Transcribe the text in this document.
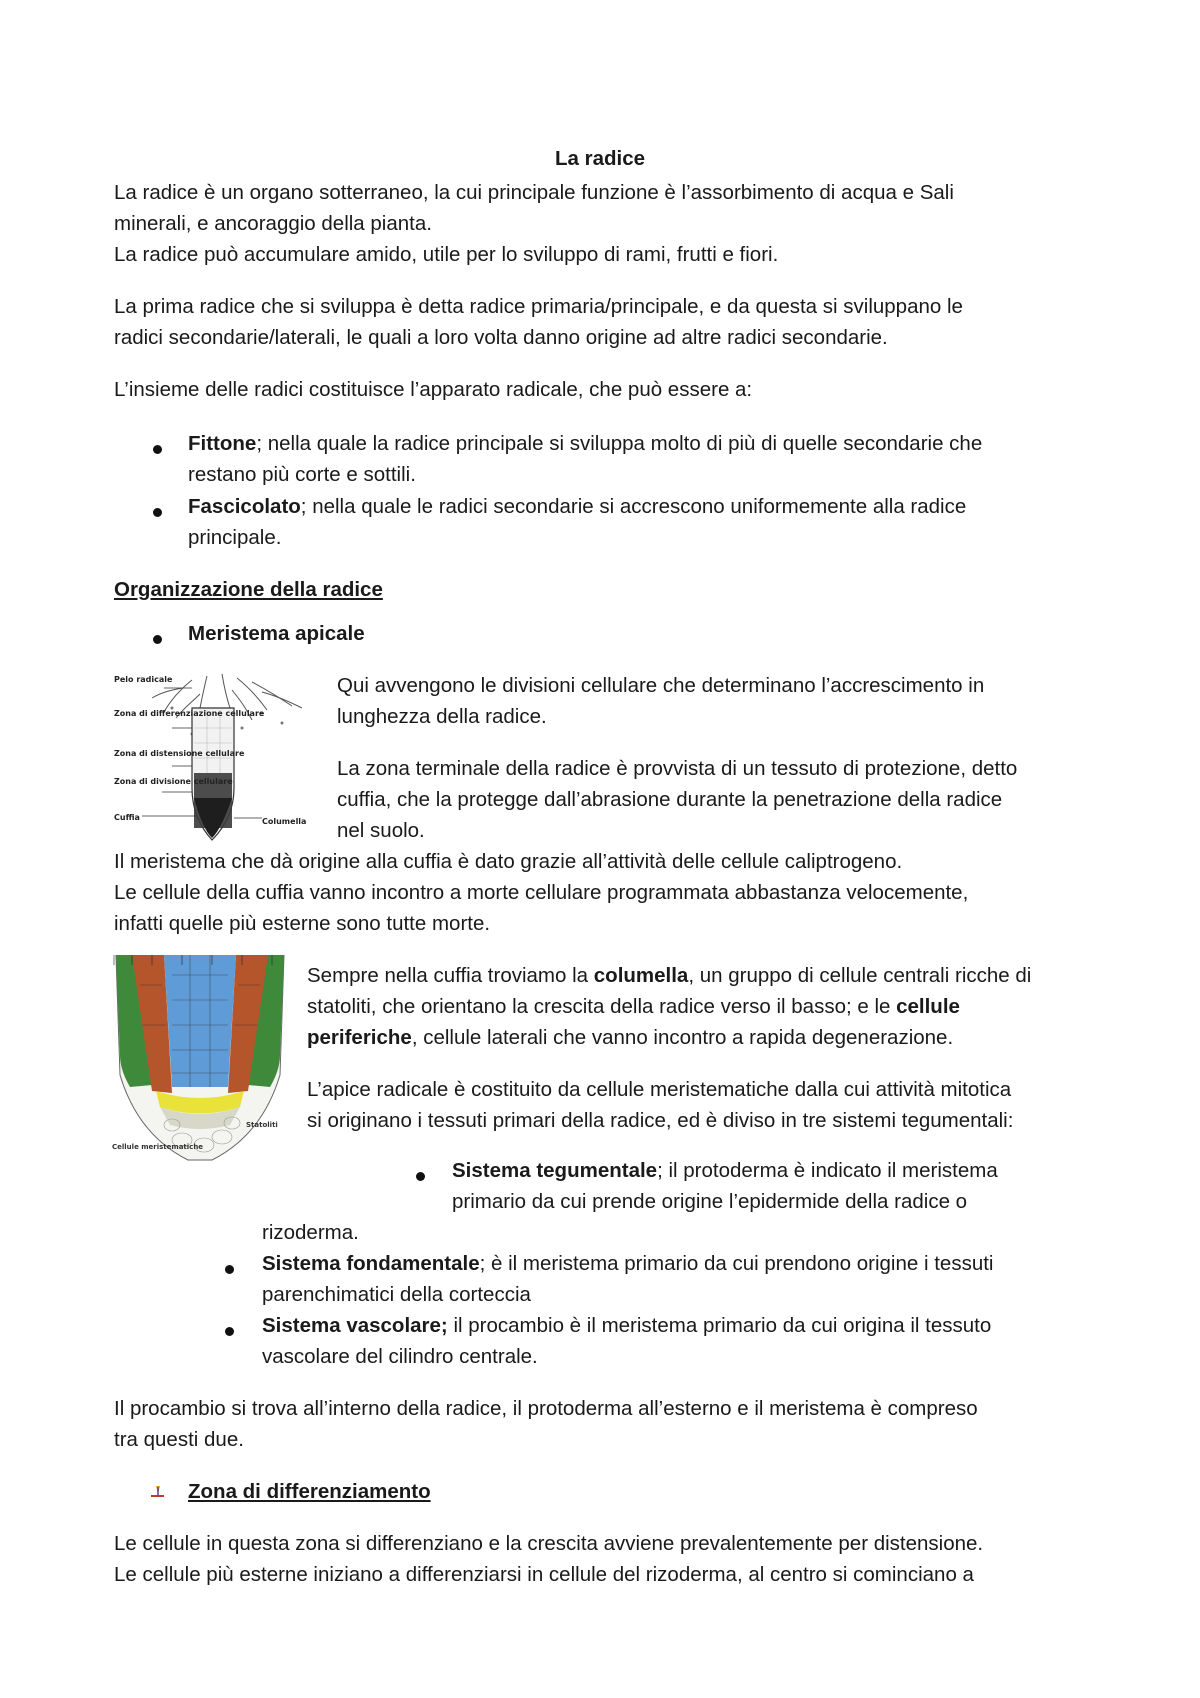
La radice

La radice è un organo sotterraneo, la cui principale funzione è l’assorbimento di acqua e Sali

minerali, e ancoraggio della pianta.

La radice può accumulare amido, utile per lo sviluppo di rami, frutti e fiori.

La prima radice che si sviluppa è detta radice primaria/principale, e da questa si sviluppano le

radici secondarie/laterali, le quali a loro volta danno origine ad altre radici secondarie.

L’insieme delle radici costituisce l’apparato radicale, che può essere a:

Fittone; nella quale la radice principale si sviluppa molto di più di quelle secondarie che

restano più corte e sottili.

Fascicolato; nella quale le radici secondarie si accrescono uniformemente alla radice

principale.

Organizzazione della radice

Meristema apicale

Pelo radicale
Zona di differenziazione cellulare
Zona di distensione cellulare
Zona di divisione cellulare
Cuffia	Columella

Qui avvengono le divisioni cellulare che determinano l’accrescimento in

lunghezza della radice.

La zona terminale della radice è provvista di un tessuto di protezione, detto

cuffia, che la protegge dall’abrasione durante la penetrazione della radice

nel suolo.

Il meristema che dà origine alla cuffia è dato grazie all’attività delle cellule caliptrogeno.

Le cellule della cuffia vanno incontro a morte cellulare programmata abbastanza velocemente,

infatti quelle più esterne sono tutte morte.

Statoliti
Cellule meristematiche

Sempre nella cuffia troviamo la columella, un gruppo di cellule centrali ricche di

statoliti, che orientano la crescita della radice verso il basso; e le cellule

periferiche, cellule laterali che vanno incontro a rapida degenerazione.

L’apice radicale è costituito da cellule meristematiche dalla cui attività mitotica

si originano i tessuti primari della radice, ed è diviso in tre sistemi tegumentali:

Sistema tegumentale; il protoderma è indicato il meristema

primario da cui prende origine l’epidermide della radice o

rizoderma.

Sistema fondamentale; è il meristema primario da cui prendono origine i tessuti

parenchimatici della corteccia

Sistema vascolare; il procambio è il meristema primario da cui origina il tessuto

vascolare del cilindro centrale.

Il procambio si trova all’interno della radice, il protoderma all’esterno e il meristema è compreso

tra questi due.

Zona di differenziamento

Le cellule in questa zona si differenziano e la crescita avviene prevalentemente per distensione.

Le cellule più esterne iniziano a differenziarsi in cellule del rizoderma, al centro si cominciano a
